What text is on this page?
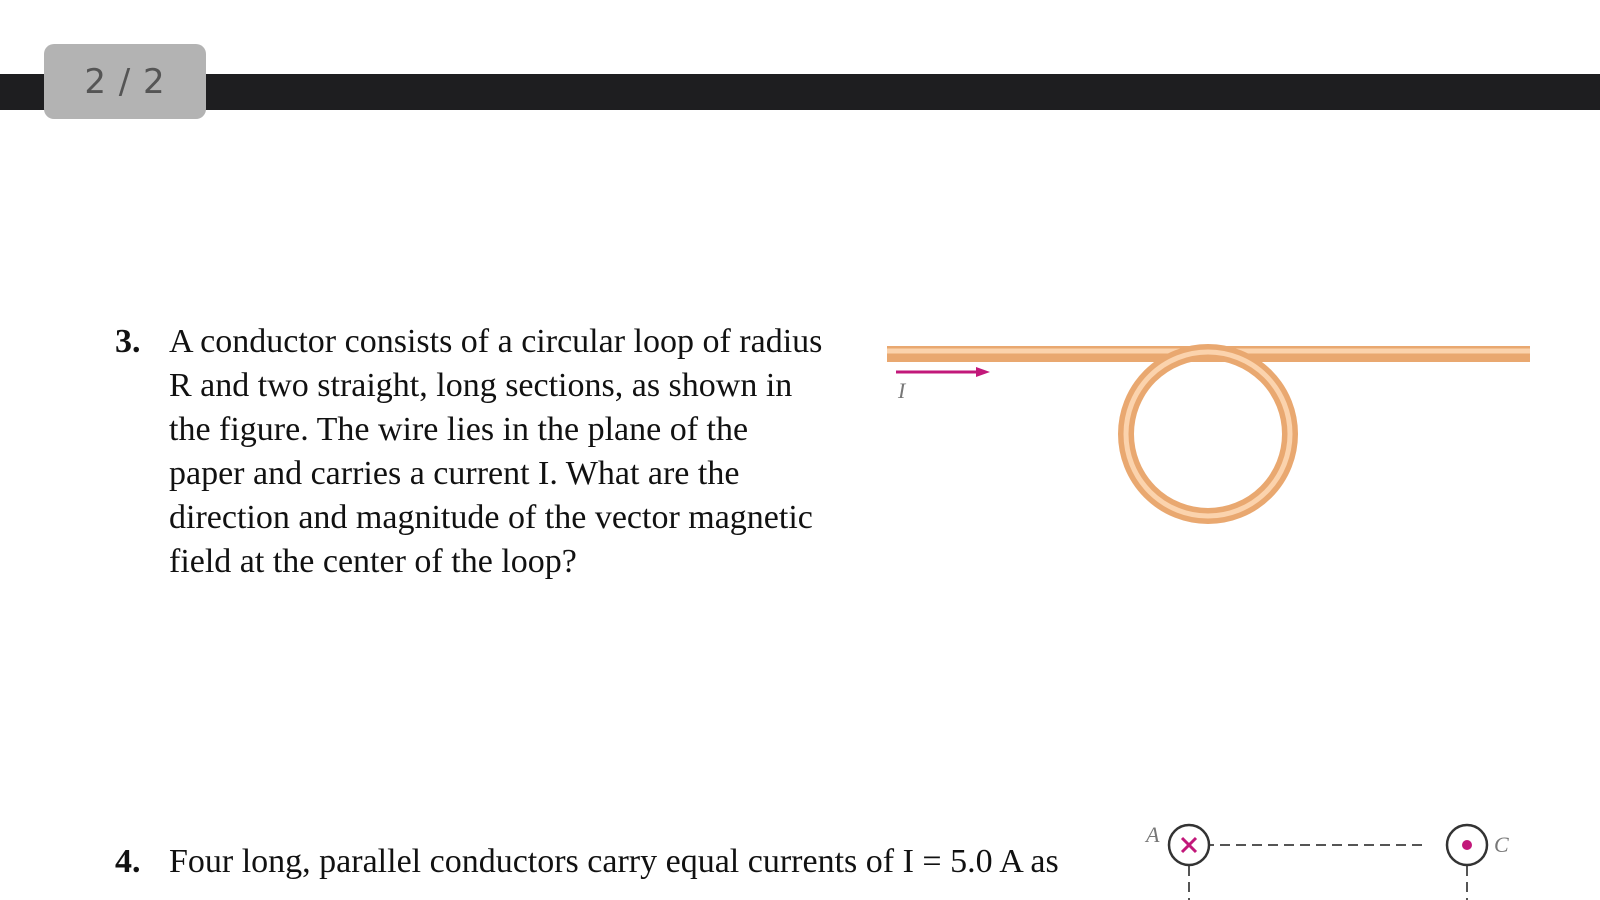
2 / 2
3. A conductor consists of a circular loop of radius
R and two straight, long sections, as shown in
the figure. The wire lies in the plane of the
paper and carries a current I. What are the
direction and magnitude of the vector magnetic
field at the center of the loop?
I
4. Four long, parallel conductors carry equal currents of I = 5.0 A as
A	C
